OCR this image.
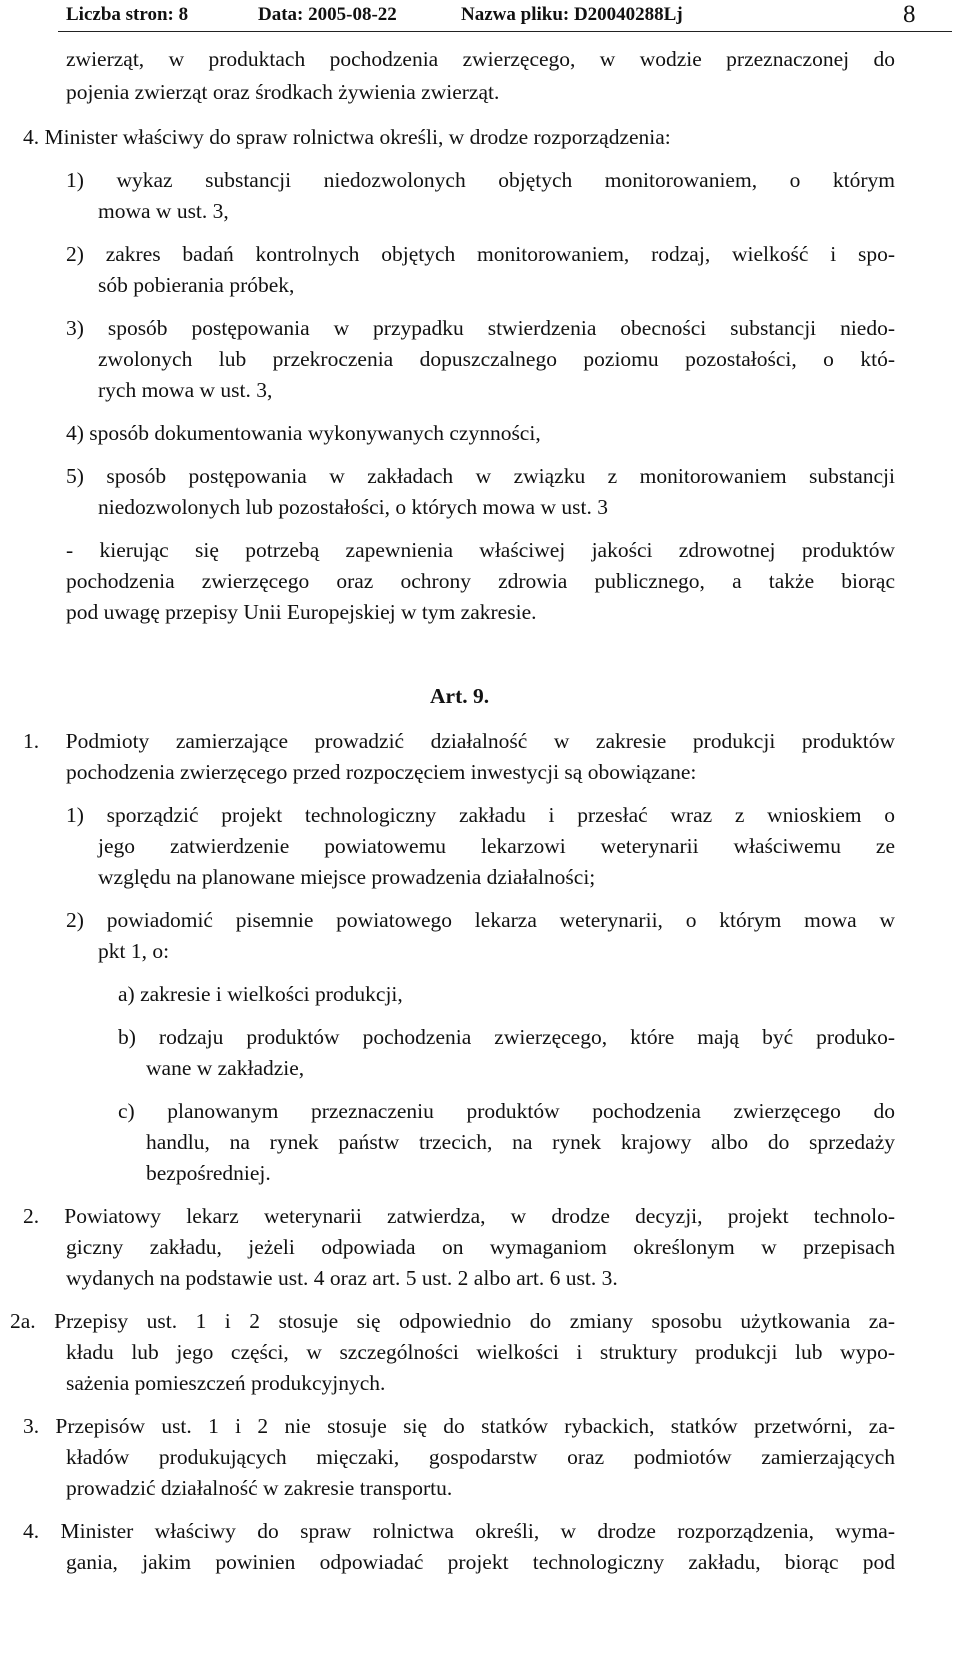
Liczba stron: 8	Data: 2005-08-22	Nazwa pliku: D20040288Lj	8
zwierząt, w produktach pochodzenia zwierzęcego, w wodzie przeznaczonej do
pojenia zwierząt oraz środkach żywienia zwierząt.
4. Minister właściwy do spraw rolnictwa określi, w drodze rozporządzenia:
1) wykaz substancji niedozwolonych objętych monitorowaniem, o którym
mowa w ust. 3,
2) zakres badań kontrolnych objętych monitorowaniem, rodzaj, wielkość i spo-
sób pobierania próbek,
3) sposób postępowania w przypadku stwierdzenia obecności substancji niedo-
zwolonych lub przekroczenia dopuszczalnego poziomu pozostałości, o któ-
rych mowa w ust. 3,
4) sposób dokumentowania wykonywanych czynności,
5) sposób postępowania w zakładach w związku z monitorowaniem substancji
niedozwolonych lub pozostałości, o których mowa w ust. 3
- kierując się potrzebą zapewnienia właściwej jakości zdrowotnej produktów
pochodzenia zwierzęcego oraz ochrony zdrowia publicznego, a także biorąc
pod uwagę przepisy Unii Europejskiej w tym zakresie.
Art. 9.
1. Podmioty zamierzające prowadzić działalność w zakresie produkcji produktów
pochodzenia zwierzęcego przed rozpoczęciem inwestycji są obowiązane:
1) sporządzić projekt technologiczny zakładu i przesłać wraz z wnioskiem o
jego zatwierdzenie powiatowemu lekarzowi weterynarii właściwemu ze
względu na planowane miejsce prowadzenia działalności;
2) powiadomić pisemnie powiatowego lekarza weterynarii, o którym mowa w
pkt 1, o:
a) zakresie i wielkości produkcji,
b) rodzaju produktów pochodzenia zwierzęcego, które mają być produko-
wane w zakładzie,
c) planowanym przeznaczeniu produktów pochodzenia zwierzęcego do
handlu, na rynek państw trzecich, na rynek krajowy albo do sprzedaży
bezpośredniej.
2. Powiatowy lekarz weterynarii zatwierdza, w drodze decyzji, projekt technolo-
giczny zakładu, jeżeli odpowiada on wymaganiom określonym w przepisach
wydanych na podstawie ust. 4 oraz art. 5 ust. 2 albo art. 6 ust. 3.
2a. Przepisy ust. 1 i 2 stosuje się odpowiednio do zmiany sposobu użytkowania za-
kładu lub jego części, w szczególności wielkości i struktury produkcji lub wypo-
sażenia pomieszczeń produkcyjnych.
3. Przepisów ust. 1 i 2 nie stosuje się do statków rybackich, statków przetwórni, za-
kładów produkujących mięczaki, gospodarstw oraz podmiotów zamierzających
prowadzić działalność w zakresie transportu.
4. Minister właściwy do spraw rolnictwa określi, w drodze rozporządzenia, wyma-
gania, jakim powinien odpowiadać projekt technologiczny zakładu, biorąc pod
